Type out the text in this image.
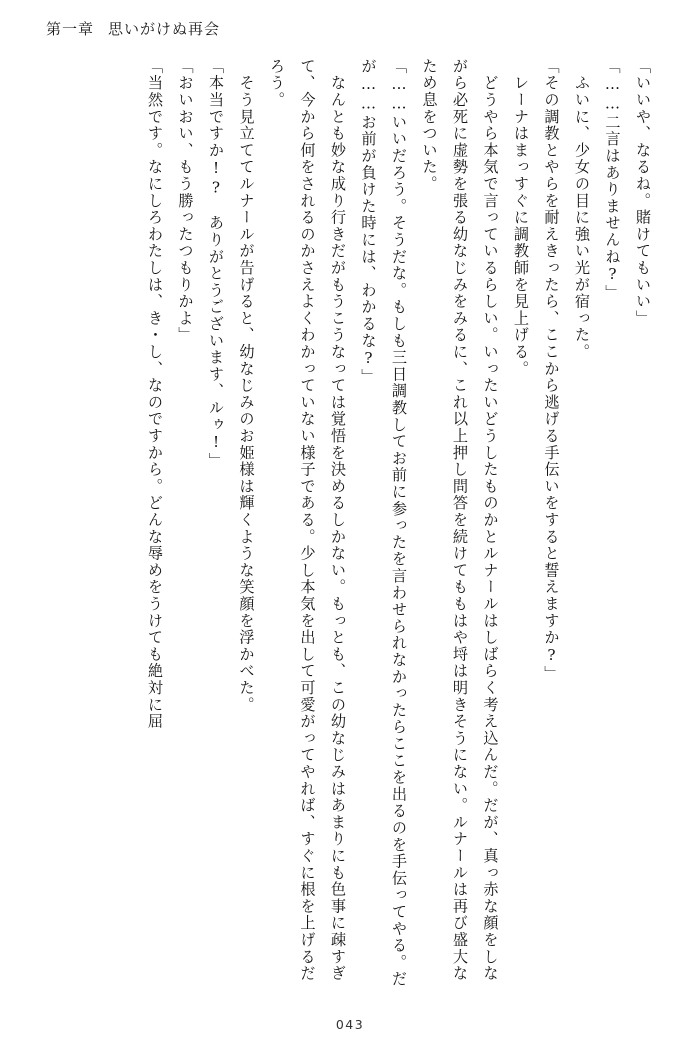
第一章 思いがけぬ再会

「いいや、なるね。賭けてもいい」

「……二言はありませんね?」

　ふいに、少女の目に強い光が宿った。

「その調教とやらを耐えきったら、ここから逃げる手伝いをすると誓えますか?」

　レーナはまっすぐに調教師を見上げる。

　どうやら本気で言っているらしい。いったいどうしたものかとルナールはしばらく考え込んだ。だが、真っ赤な顔をしながら必死に虚勢を張る幼なじみをみるに、これ以上押し問答を続けてももはや埒は明きそうにない。ルナールは再び盛大なため息をついた。

「……いいだろう。そうだな。もしも三日調教してお前に参ったを言わせられなかったらここを出るのを手伝ってやる。だが……お前が負けた時には、わかるな?」

　なんとも妙な成り行きだがもうこうなっては覚悟を決めるしかない。もっとも、この幼なじみはあまりにも色事に疎すぎて、今から何をされるのかさえよくわかっていない様子である。少し本気を出して可愛がってやれば、すぐに根を上げるだろう。

　そう見立ててルナールが告げると、幼なじみのお姫様は輝くような笑顔を浮かべた。

「本当ですか!?　ありがとうございます、ルゥ!」

「おいおい、もう勝ったつもりかよ」

「当然です。なにしろわたしは、き・し、なのですから。どんな辱めをうけても絶対に屈

043
